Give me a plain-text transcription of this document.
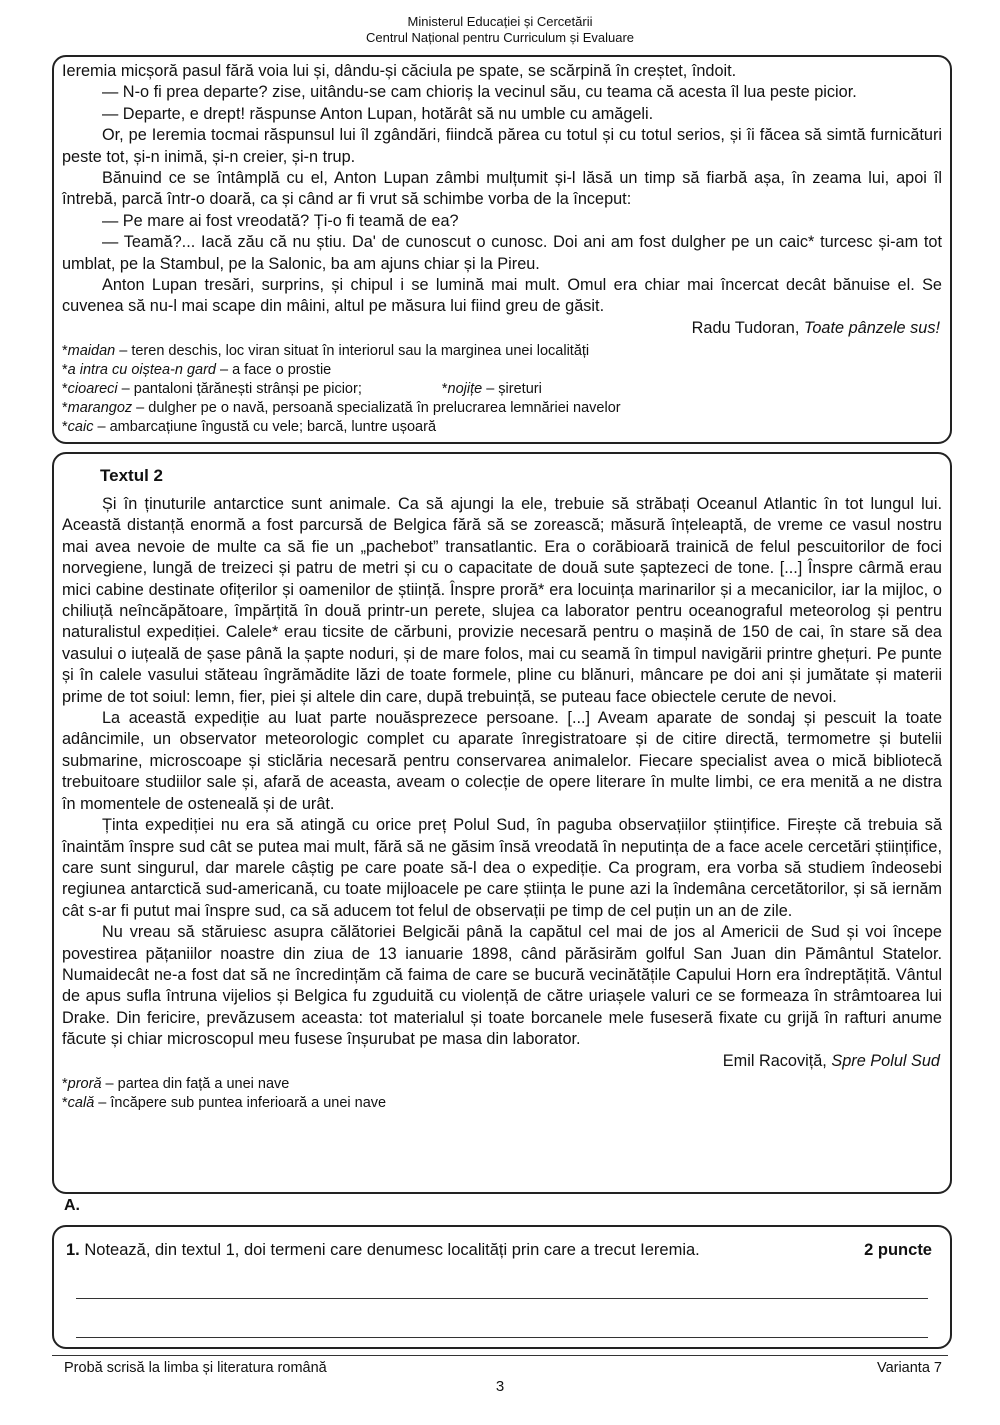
Ministerul Educației și Cercetării
Centrul Național pentru Curriculum și Evaluare

Ieremia micșoră pasul fără voia lui și, dându-și căciula pe spate, se scărpină în creștet, îndoit.

— N-o fi prea departe? zise, uitându-se cam chioriș la vecinul său, cu teama că acesta îl lua peste picior.

— Departe, e drept! răspunse Anton Lupan, hotărât să nu umble cu amăgeli.

Or, pe Ieremia tocmai răspunsul lui îl zgândări, fiindcă părea cu totul și cu totul serios, și îi făcea să simtă furnicături peste tot, și-n inimă, și-n creier, și-n trup.

Bănuind ce se întâmplă cu el, Anton Lupan zâmbi mulțumit și-l lăsă un timp să fiarbă așa, în zeama lui, apoi îl întrebă, parcă într-o doară, ca și când ar fi vrut să schimbe vorba de la început:

— Pe mare ai fost vreodată? Ți-o fi teamă de ea?

— Teamă?... Iacă zău că nu știu. Da' de cunoscut o cunosc. Doi ani am fost dulgher pe un caic* turcesc și-am tot umblat, pe la Stambul, pe la Salonic, ba am ajuns chiar și la Pireu.

Anton Lupan tresări, surprins, și chipul i se lumină mai mult. Omul era chiar mai încercat decât bănuise el. Se cuvenea să nu-l mai scape din mâini, altul pe măsura lui fiind greu de găsit.

Radu Tudoran, Toate pânzele sus!

*maidan – teren deschis, loc viran situat în interiorul sau la marginea unei localități

*a intra cu oiștea-n gard – a face o prostie

*cioareci – pantaloni țărănești strânși pe picior;	*nojițe – șireturi

*marangoz – dulgher pe o navă, persoană specializată în prelucrarea lemnăriei navelor

*caic – ambarcațiune îngustă cu vele; barcă, luntre ușoară

Textul 2

Și în ținuturile antarctice sunt animale. Ca să ajungi la ele, trebuie să străbați Oceanul Atlantic în tot lungul lui. Această distanță enormă a fost parcursă de Belgica fără să se zorească; măsură înțeleaptă, de vreme ce vasul nostru mai avea nevoie de multe ca să fie un „pachebot” transatlantic. Era o corăbioară trainică de felul pescuitorilor de foci norvegiene, lungă de treizeci și patru de metri și cu o capacitate de două sute șaptezeci de tone. [...] Înspre cârmă erau mici cabine destinate ofițerilor și oamenilor de știință. Înspre proră* era locuința marinarilor și a mecanicilor, iar la mijloc, o chiliuță neîncăpătoare, împărțită în două printr-un perete, slujea ca laborator pentru oceanograful meteorolog și pentru naturalistul expediției. Calele* erau ticsite de cărbuni, provizie necesară pentru o mașină de 150 de cai, în stare să dea vasului o iuțeală de șase până la șapte noduri, și de mare folos, mai cu seamă în timpul navigării printre ghețuri. Pe punte și în calele vasului stăteau îngrămădite lăzi de toate formele, pline cu blănuri, mâncare pe doi ani și jumătate și materii prime de tot soiul: lemn, fier, piei și altele din care, după trebuință, se puteau face obiectele cerute de nevoi.

La această expediție au luat parte nouăsprezece persoane. [...] Aveam aparate de sondaj și pescuit la toate adâncimile, un observator meteorologic complet cu aparate înregistratoare și de citire directă, termometre și butelii submarine, microscoape și sticlăria necesară pentru conservarea animalelor. Fiecare specialist avea o mică bibliotecă trebuitoare studiilor sale și, afară de aceasta, aveam o colecție de opere literare în multe limbi, ce era menită a ne distra în momentele de osteneală și de urât.

Ținta expediției nu era să atingă cu orice preț Polul Sud, în paguba observațiilor științifice. Firește că trebuia să înaintăm înspre sud cât se putea mai mult, fără să ne găsim însă vreodată în neputința de a face acele cercetări științifice, care sunt singurul, dar marele câștig pe care poate să-l dea o expediție. Ca program, era vorba să studiem îndeosebi regiunea antarctică sud-americană, cu toate mijloacele pe care știința le pune azi la îndemâna cercetătorilor, și să iernăm cât s-ar fi putut mai înspre sud, ca să aducem tot felul de observații pe timp de cel puțin un an de zile.

Nu vreau să stăruiesc asupra călătoriei Belgicăi până la capătul cel mai de jos al Americii de Sud și voi începe povestirea pățaniilor noastre din ziua de 13 ianuarie 1898, când părăsirăm golful San Juan din Pământul Statelor. Numaidecât ne-a fost dat să ne încredințăm că faima de care se bucură vecinătățile Capului Horn era îndreptățită. Vântul de apus sufla întruna vijelios și Belgica fu zguduită cu violență de către uriașele valuri ce se formeaza în strâmtoarea lui Drake. Din fericire, prevăzusem aceasta: tot materialul și toate borcanele mele fuseseră fixate cu grijă în rafturi anume făcute și chiar microscopul meu fusese înșurubat pe masa din laborator.

Emil Racoviță, Spre Polul Sud

*proră – partea din față a unei nave

*cală – încăpere sub puntea inferioară a unei nave

A.
1. Notează, din textul 1, doi termeni care denumesc localități prin care a trecut Ieremia.	2 puncte
Probă scrisă la limba și literatura română	Varianta 7
3
